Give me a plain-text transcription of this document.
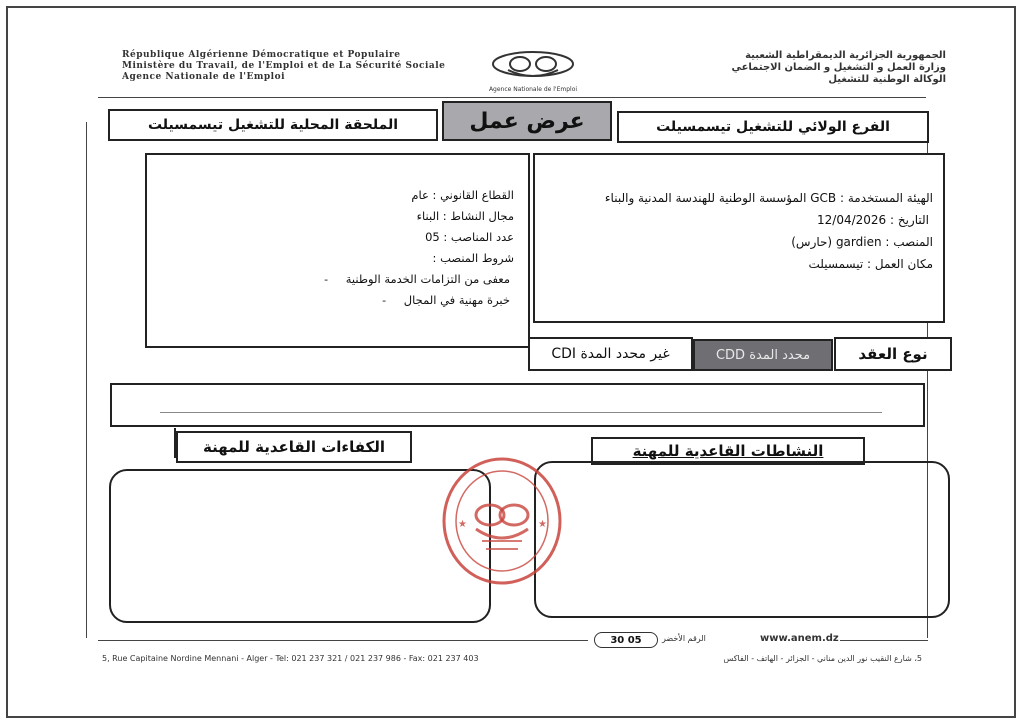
République Algérienne Démocratique et Populaire
Ministère du Travail, de l'Emploi et de La Sécurité Sociale
Agence Nationale de l'Emploi
Agence Nationale de l'Emploi
الجمهورية الجزائرية الديمقراطية الشعبية
وزارة العمل و التشغيل و الضمان الاجتماعي
الوكالة الوطنية للتشغيل
الملحقة المحلية للتشغيل تيسمسيلت	عرض عمل	الفرع الولائي للتشغيل تيسمسيلت
القطاع القانوني : عام
مجال النشاط : البناء
عدد المناصب : 05
شروط المنصب :
معفى من التزامات الخدمة الوطنية -
خبرة مهنية في المجال -
الهيئة المستخدمة : GCB المؤسسة الوطنية للهندسة المدنية والبناء
التاريخ : 12/04/2026
المنصب : gardien (حارس)
مكان العمل : تيسمسيلت
غير محدد المدة CDI	محدد المدة CDD	نوع العقد
الكفاءات القاعدية للمهنة	النشاطات القاعدية للمهنة
★	★
30 05	الرقم الأخضر	www.anem.dz
5, Rue Capitaine Nordine Mennani - Alger - Tel: 021 237 321 / 021 237 986 - Fax: 021 237 403	5، شارع النقيب نور الدين مناني - الجزائر - الهاتف - الفاكس
